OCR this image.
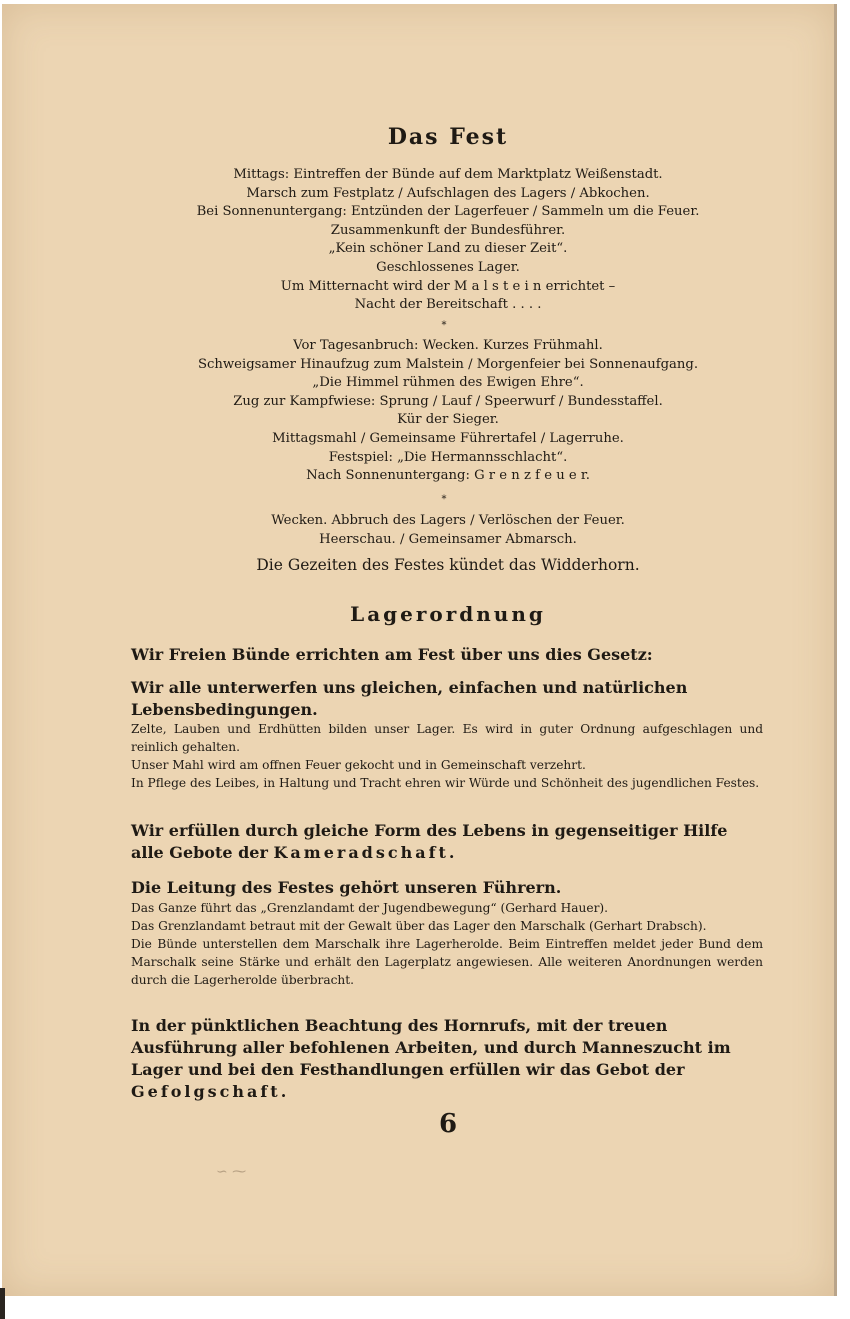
Das Fest
Mittags: Eintreffen der Bünde auf dem Marktplatz Weißenstadt.
Marsch zum Festplatz / Aufschlagen des Lagers / Abkochen.
Bei Sonnenuntergang: Entzünden der Lagerfeuer / Sammeln um die Feuer.
Zusammenkunft der Bundesführer.
„Kein schöner Land zu dieser Zeit“.
Geschlossenes Lager.
Um Mitternacht wird der M a l s t e i n errichtet –
Nacht der Bereitschaft . . . .
*
Vor Tagesanbruch: Wecken. Kurzes Frühmahl.
Schweigsamer Hinaufzug zum Malstein / Morgenfeier bei Sonnenaufgang.
„Die Himmel rühmen des Ewigen Ehre“.
Zug zur Kampfwiese: Sprung / Lauf / Speerwurf / Bundesstaffel.
Kür der Sieger.
Mittagsmahl / Gemeinsame Führertafel / Lagerruhe.
Festspiel: „Die Hermannsschlacht“.
Nach Sonnenuntergang: G r e n z f e u e r.
*
Wecken. Abbruch des Lagers / Verlöschen der Feuer.
Heerschau. / Gemeinsamer Abmarsch.
Die Gezeiten des Festes kündet das Widderhorn.
Lagerordnung

Wir Freien Bünde errichten am Fest über uns dies Gesetz:

Wir alle unterwerfen uns gleichen, einfachen und natürlichen Lebensbedingungen.

Zelte, Lauben und Erdhütten bilden unser Lager. Es wird in guter Ordnung aufgeschlagen und reinlich gehalten.

Unser Mahl wird am offnen Feuer gekocht und in Gemeinschaft verzehrt.

In Pflege des Leibes, in Haltung und Tracht ehren wir Würde und Schönheit des jugendlichen Festes.

Wir erfüllen durch gleiche Form des Lebens in gegenseitiger Hilfe alle Gebote der Kameradschaft.

Die Leitung des Festes gehört unseren Führern.

Das Ganze führt das „Grenzlandamt der Jugendbewegung“ (Gerhard Hauer).

Das Grenzlandamt betraut mit der Gewalt über das Lager den Marschalk (Gerhart Drabsch).

Die Bünde unterstellen dem Marschalk ihre Lagerherolde. Beim Eintreffen meldet jeder Bund dem Marschalk seine Stärke und erhält den Lagerplatz angewiesen. Alle weiteren Anordnungen werden durch die Lagerherolde überbracht.

In der pünktlichen Beachtung des Hornrufs, mit der treuen Ausführung aller befohlenen Arbeiten, und durch Manneszucht im Lager und bei den Festhandlungen erfüllen wir das Gebot der Gefolgschaft.

6
∽ ⁓
